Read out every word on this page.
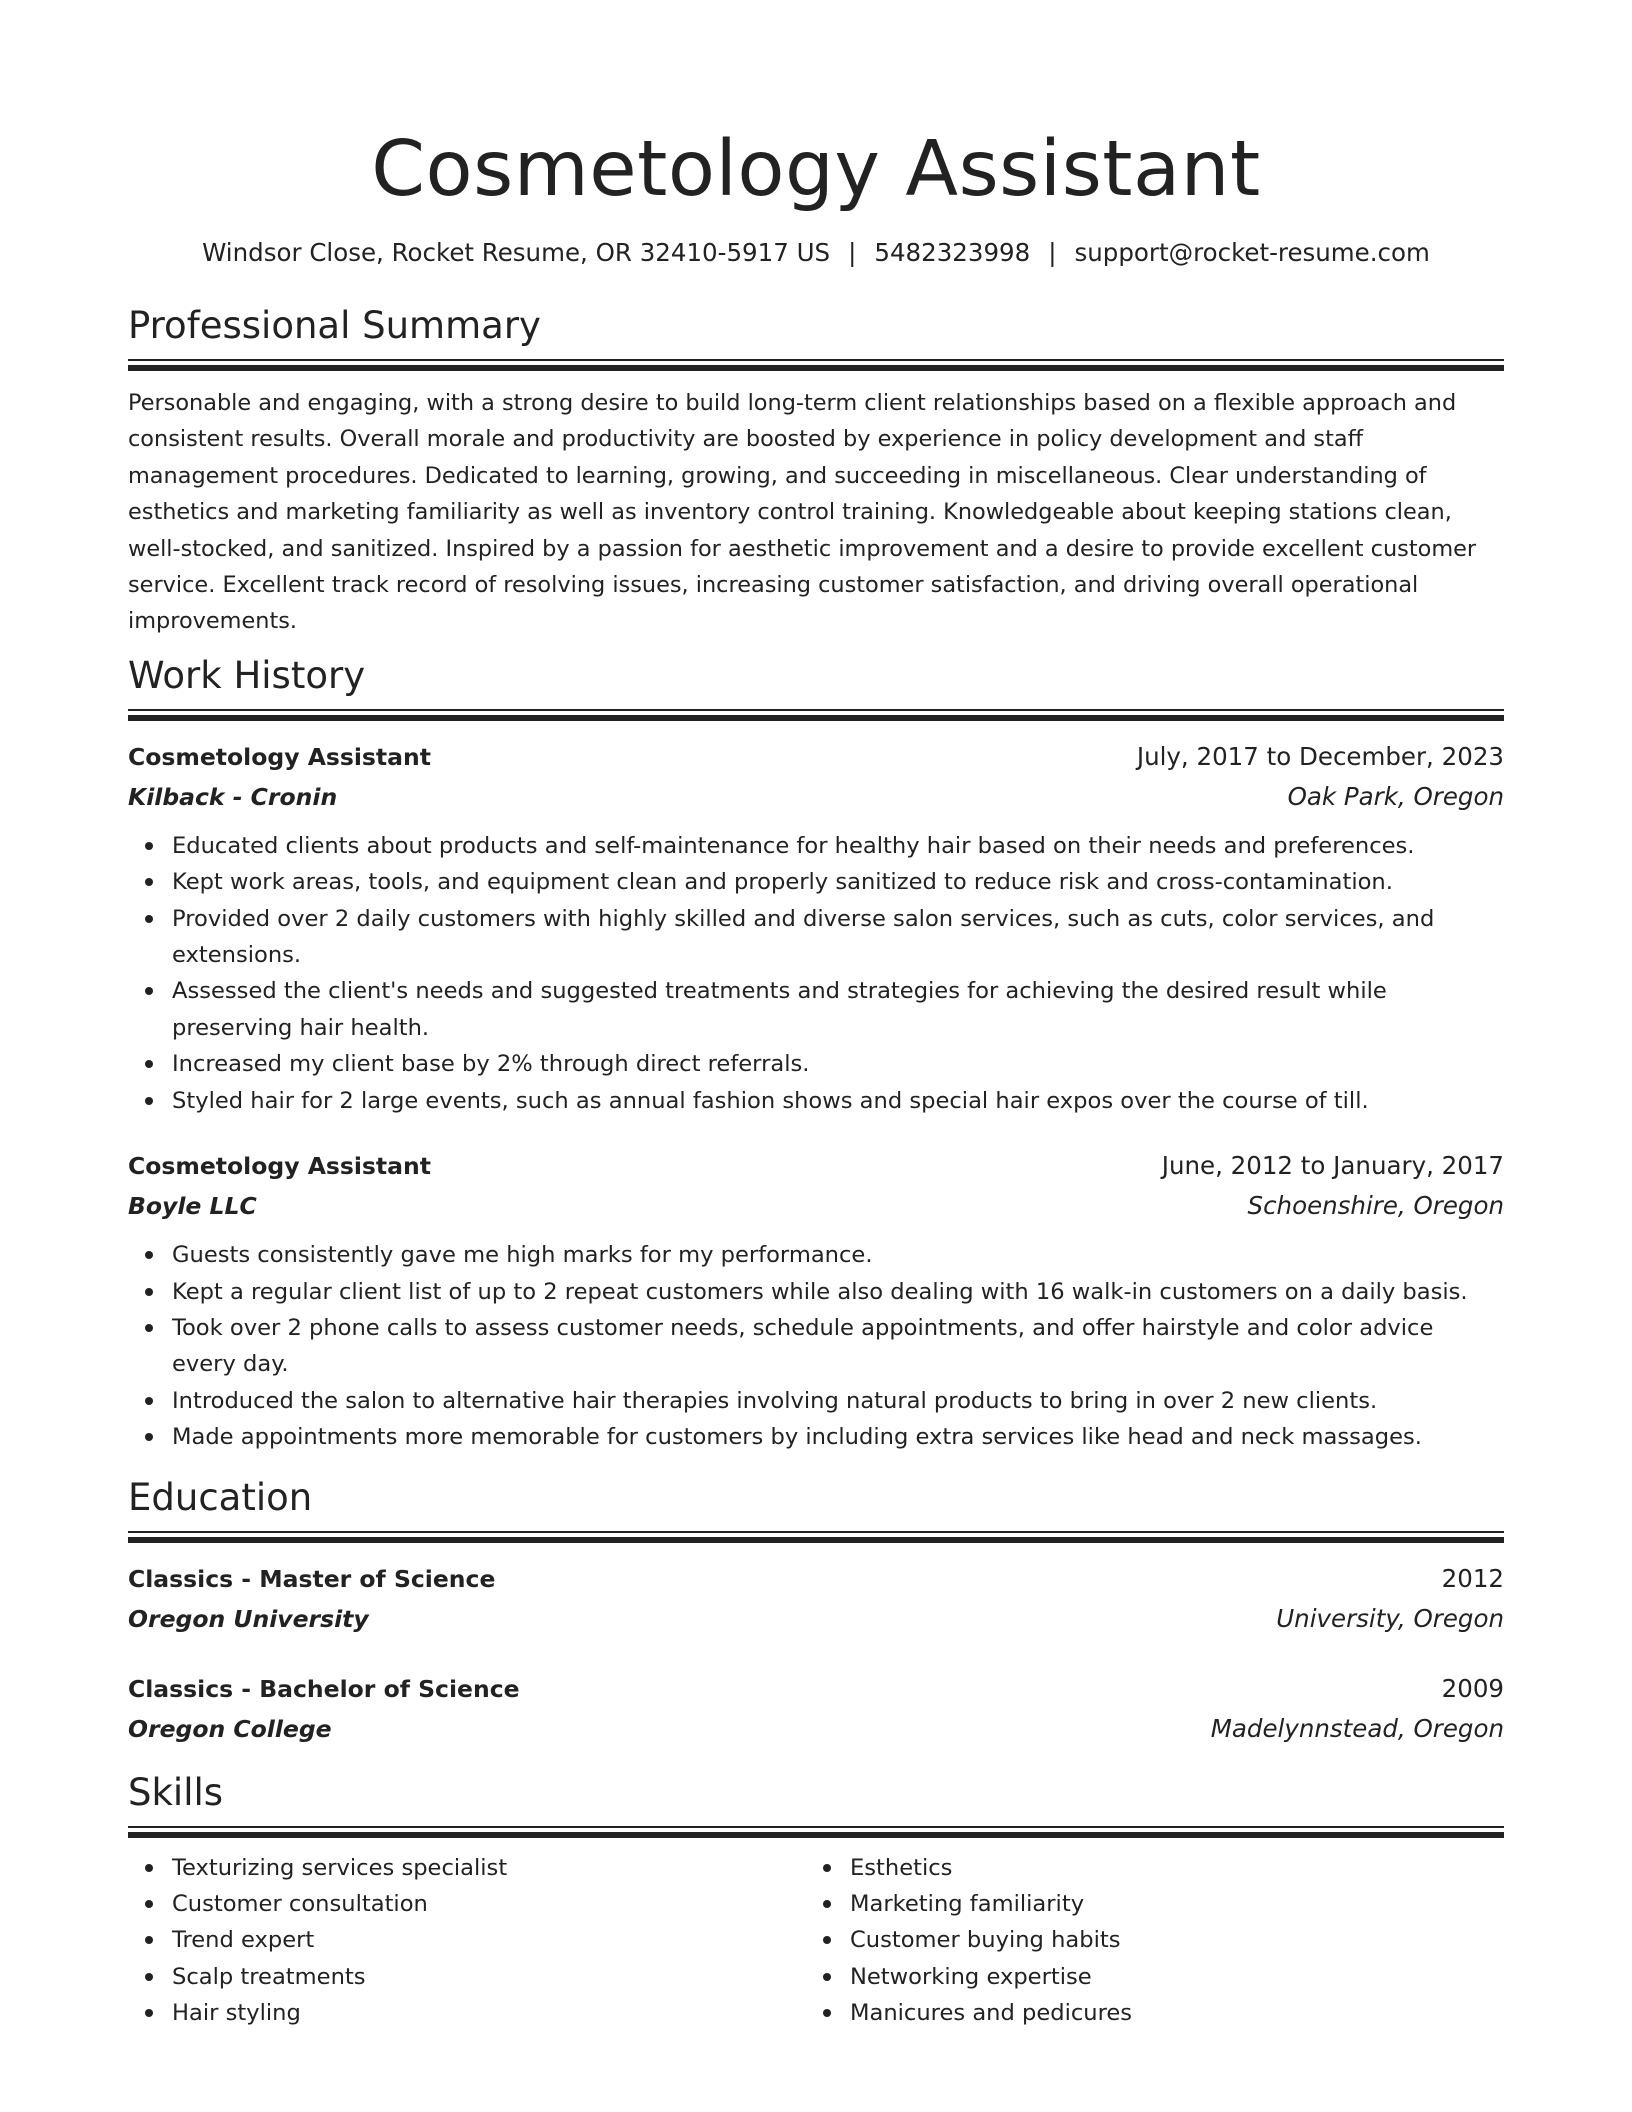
Cosmetology Assistant
Windsor Close, Rocket Resume, OR 32410-5917 US | 5482323998 | support@rocket-resume.com
Professional Summary

Personable and engaging, with a strong desire to build long-term client relationships based on a flexible approach and consistent results. Overall morale and productivity are boosted by experience in policy development and staff management procedures. Dedicated to learning, growing, and succeeding in miscellaneous. Clear understanding of esthetics and marketing familiarity as well as inventory control training. Knowledgeable about keeping stations clean, well-stocked, and sanitized. Inspired by a passion for aesthetic improvement and a desire to provide excellent customer service. Excellent track record of resolving issues, increasing customer satisfaction, and driving overall operational improvements.

Work History
Cosmetology Assistant	July, 2017 to December, 2023
Kilback - Cronin	Oak Park, Oregon
Educated clients about products and self-maintenance for healthy hair based on their needs and preferences.
Kept work areas, tools, and equipment clean and properly sanitized to reduce risk and cross-contamination.
Provided over 2 daily customers with highly skilled and diverse salon services, such as cuts, color services, and extensions.
Assessed the client's needs and suggested treatments and strategies for achieving the desired result while preserving hair health.
Increased my client base by 2% through direct referrals.
Styled hair for 2 large events, such as annual fashion shows and special hair expos over the course of till.
Cosmetology Assistant	June, 2012 to January, 2017
Boyle LLC	Schoenshire, Oregon
Guests consistently gave me high marks for my performance.
Kept a regular client list of up to 2 repeat customers while also dealing with 16 walk-in customers on a daily basis.
Took over 2 phone calls to assess customer needs, schedule appointments, and offer hairstyle and color advice every day.
Introduced the salon to alternative hair therapies involving natural products to bring in over 2 new clients.
Made appointments more memorable for customers by including extra services like head and neck massages.
Education
Classics - Master of Science	2012
Oregon University	University, Oregon
Classics - Bachelor of Science	2009
Oregon College	Madelynnstead, Oregon
Skills
Texturizing services specialist
Customer consultation
Trend expert
Scalp treatments
Hair styling
Esthetics
Marketing familiarity
Customer buying habits
Networking expertise
Manicures and pedicures
